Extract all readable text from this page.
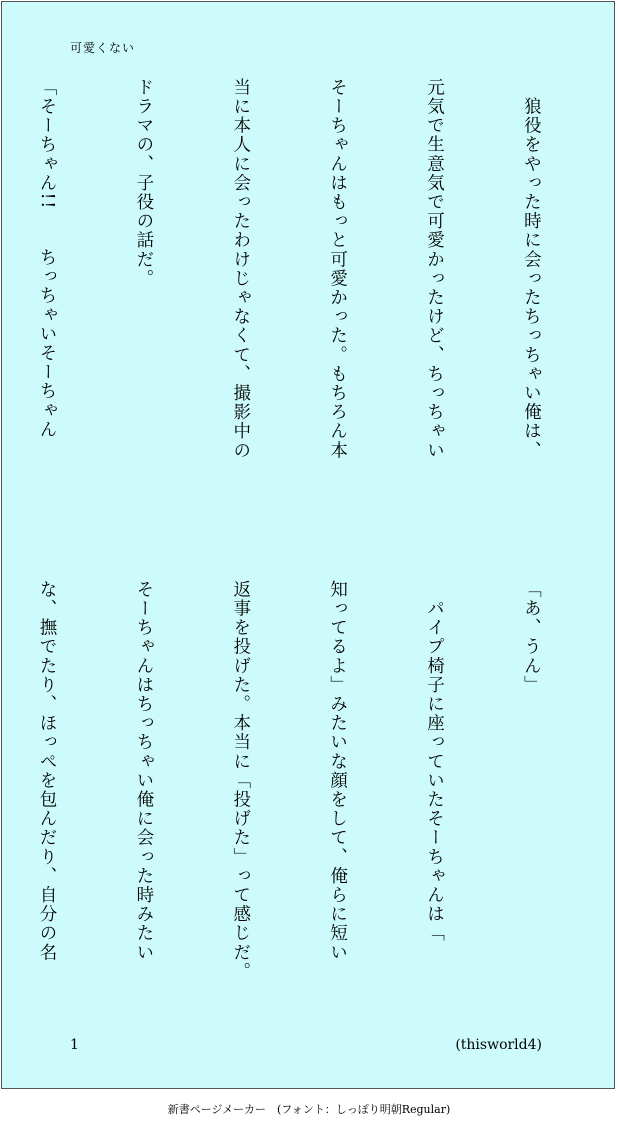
可愛くない

　狼役をやった時に会ったちっちゃい俺は、

元気で生意気で可愛かったけど、ちっちゃい

そーちゃんはもっと可愛かった。もちろん本

当に本人に会ったわけじゃなくて、撮影中の

ドラマの、子役の話だ。

「そーちゃん!!　　ちっちゃいそーちゃん

「あ、うん」

　パイプ椅子に座っていたそーちゃんは「

知ってるよ」みたいな顔をして、俺らに短い

返事を投げた。本当に「投げた」って感じだ。

そーちゃんはちっちゃい俺に会った時みたい

な、撫でたり、ほっぺを包んだり、自分の名

1	(thisworld4)
新書ページメーカー　(フォント：しっぽり明朝Regular)
